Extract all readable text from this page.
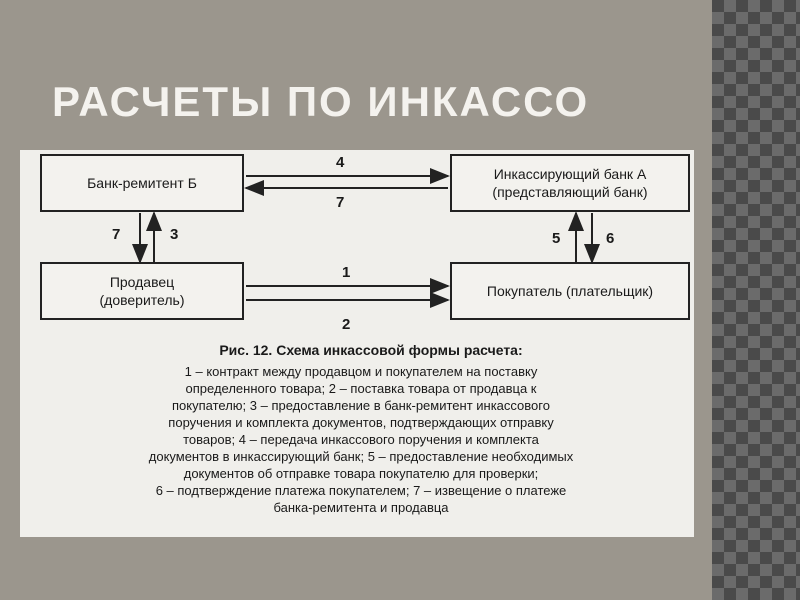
РАСЧЕТЫ ПО ИНКАССО
Банк-ремитент Б
Инкассирующий банк А
(представляющий банк)
Продавец
(доверитель)
Покупатель (плательщик)
4
7
7	3	5	6
1
2
Рис. 12. Схема инкассовой формы расчета:
1 – контракт между продавцом и покупателем на поставку
определенного товара; 2 – поставка товара от продавца к
покупателю; 3 – предоставление в банк-ремитент инкассового
поручения и комплекта документов, подтверждающих отправку
товаров; 4 – передача инкассового поручения и комплекта
документов в инкассирующий банк; 5 – предоставление необходимых
документов об отправке товара покупателю для проверки;
6 – подтверждение платежа покупателем; 7 – извещение о платеже
банка-ремитента и продавца
